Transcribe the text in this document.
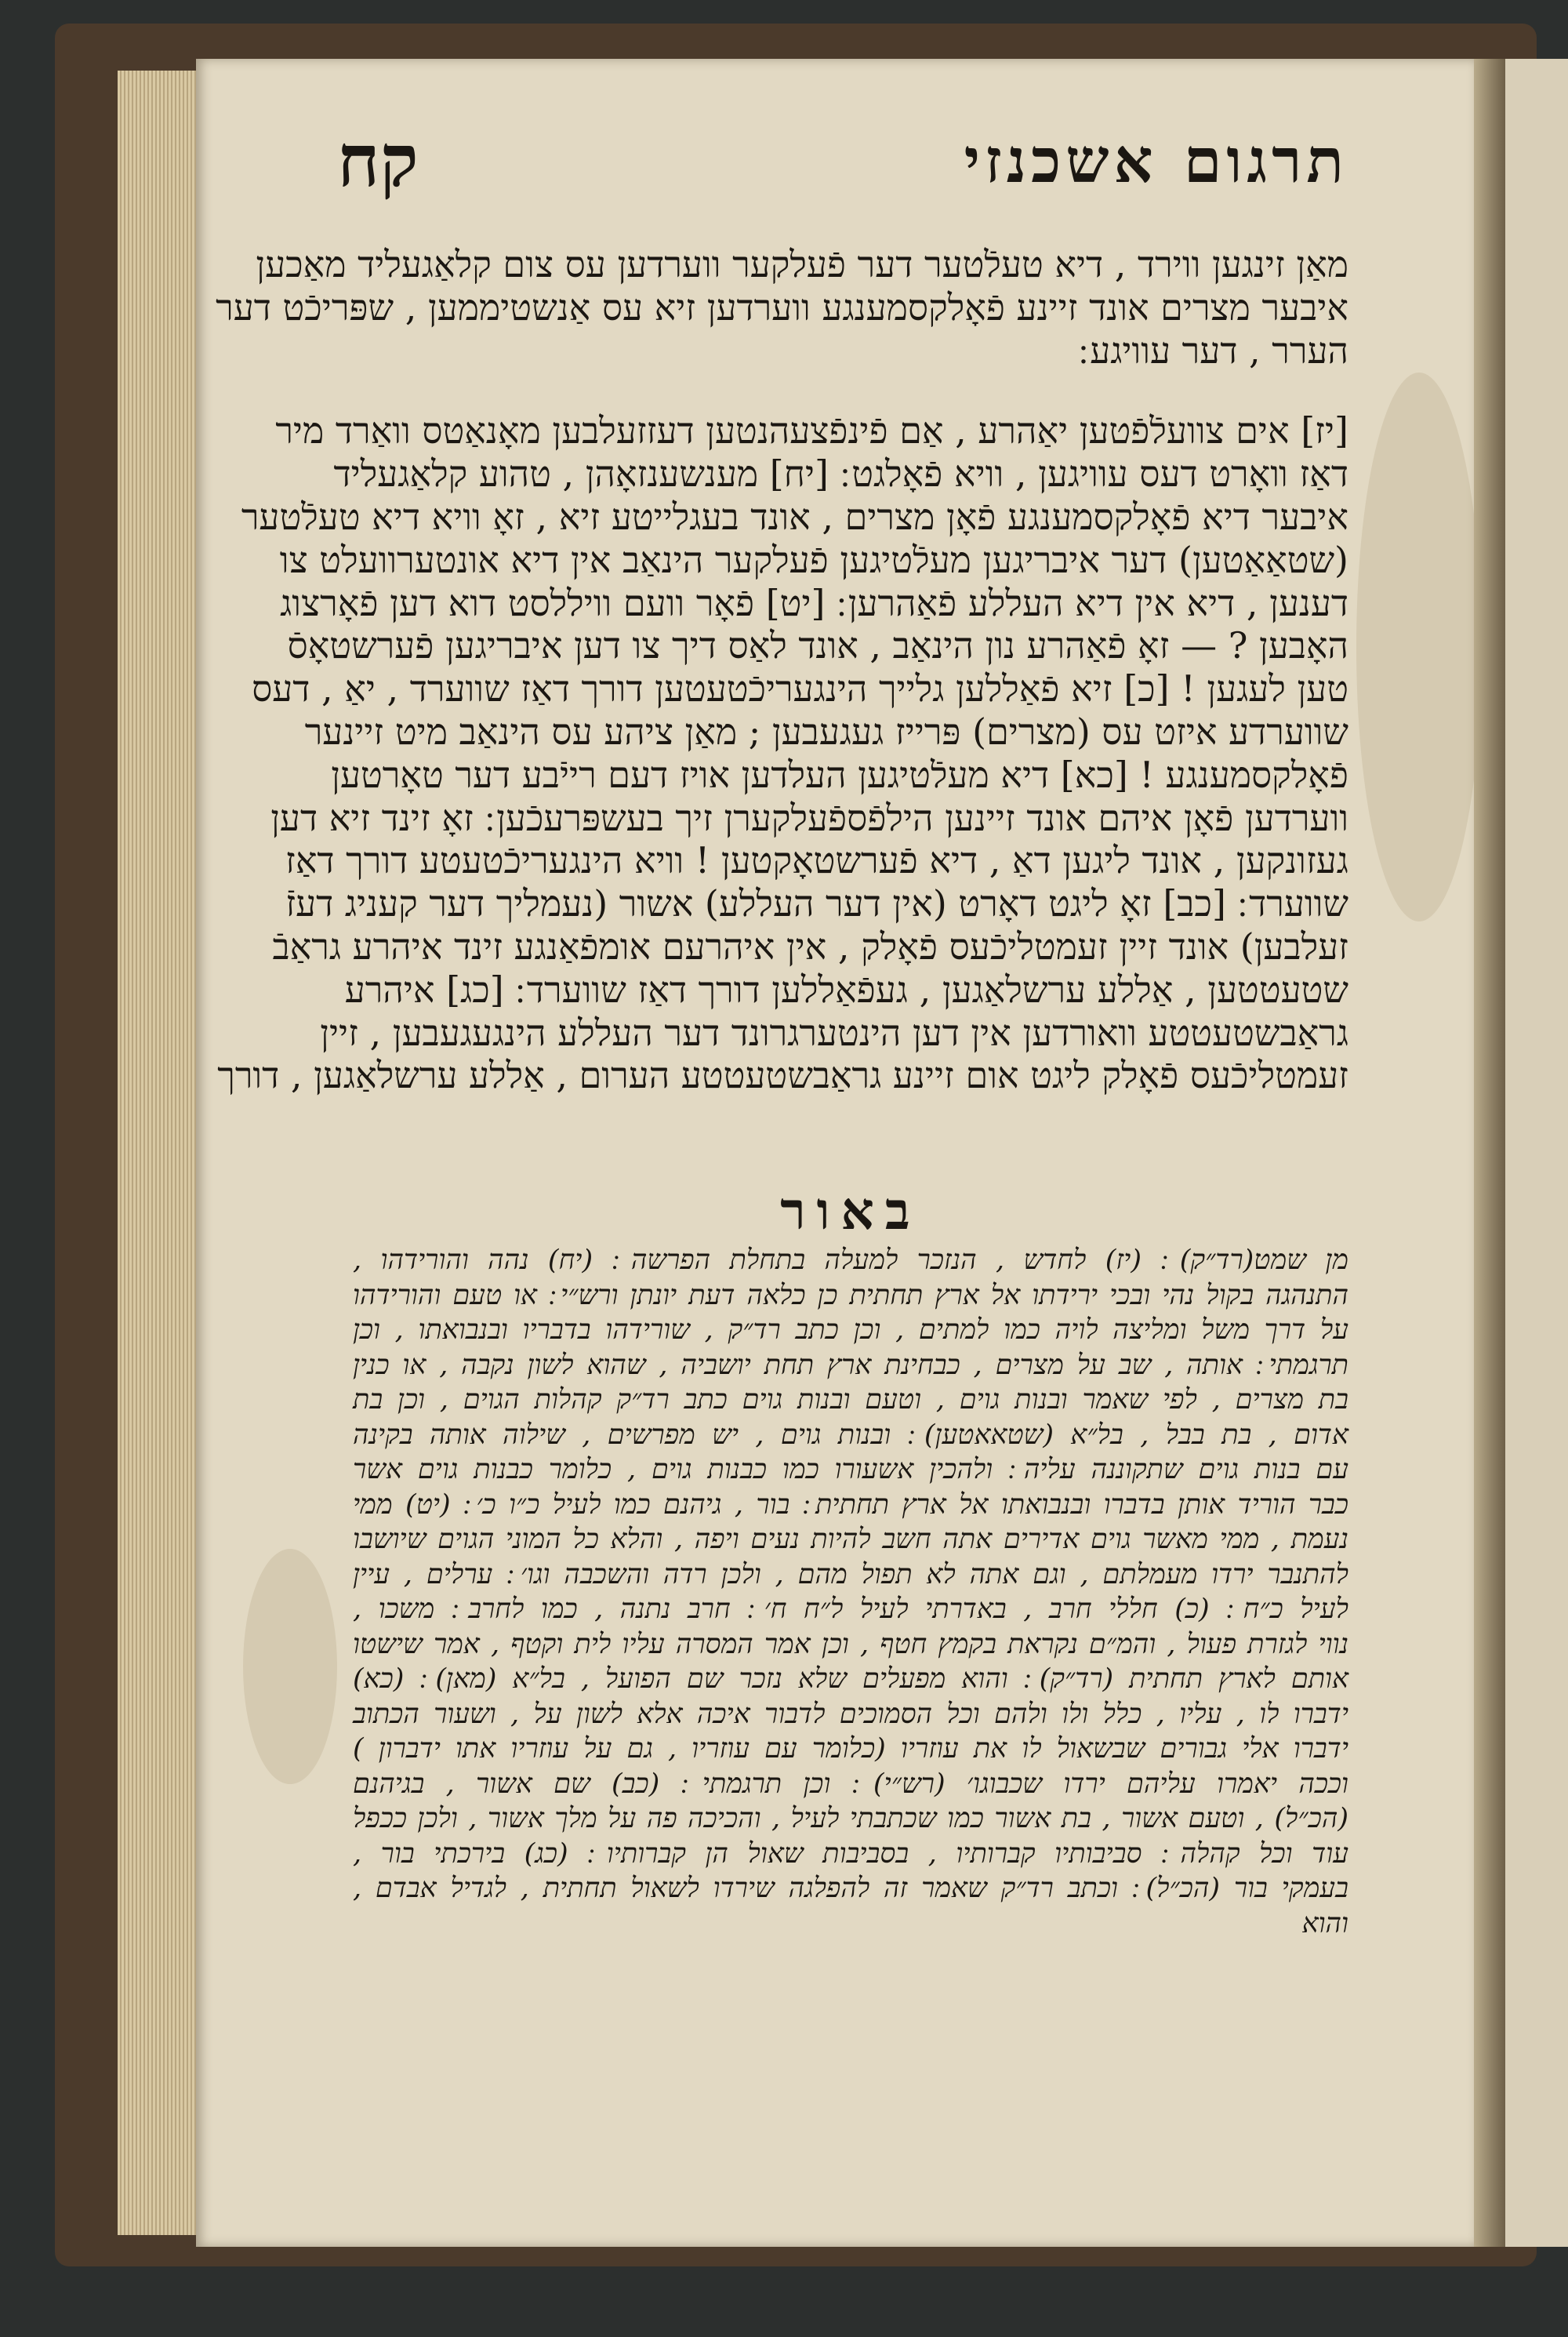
תרגום אשכנזי
קח
מאַן זינגען ווירד , דיא טעלֿטער דער פֿעלקער ווערדען עס צום קלאַגעליד מאַכען
איבער מצרים אונד זיינע פֿאָלקסמענגע ווערדען זיא עס אַנשטיממען , שפּריכֿט דער
הערר , דער עוויגע ׃
[יז] אים צוועלֿפֿטען יאַהרע , אַם פֿינפֿצעהנטען דעזזעלבען מאָנאַטס וואַרד מיר
דאַז װאָרט דעס עוויגען , וויא פֿאָלגט ׃ [יח] מענשענזאָהן , טהוע קלאַגעליד
איבער דיא פֿאָלקסמענגע פֿאָן מצרים , אונד בעגלייטע זיא , זאָ וויא דיא טעלֿטער
(שטאַאַטען) דער איבריגען מעלֿטיגען פֿעלקער הינאַב אין דיא אונטערוועלט צו
דענען , דיא אין דיא העללע פֿאַהרען ׃ [יט] פֿאָר וועם וויללסט דוא דען פֿאָרצוג
האָבען ? — זאָ פֿאַהרע נון הינאַב , אונד לאַס דיך צו דען איבריגען פֿערשטאָסֿ
טען לעגען ! [כ] זיא פֿאַללען גלייך הינגעריכֿטעטען דורך דאַז שווערד , יאַ , דעס
שווערדע איזט עס (מצרים) פּרייז געגעבען ; מאַן ציהע עס הינאַב מיט זיינער
פֿאָלקסמענגע ! [כא] דיא מעלֿטיגען העלדען אויז דעם רייֿבע דער טאָרטען
ווערדען פֿאָן איהם אונד זיינען הילפֿספֿעלקערן זיך בעשפּרעכֿען ׃ זאָ זינד זיא דען
געזונקען , אונד ליגען דאַ , דיא פֿערשטאָקטען ! וויא הינגעריכֿטעטע דורך דאַז
שווערד ׃ [כב] זאָ ליגט דאָרט (אין דער העללע) אשור (נעמליך דער קעניג דעזֿ
זעלבען) אונד זיין זעמטליכֿעס פֿאָלק , אין איהרעם אומפֿאַנגע זינד איהרע גראַבֿ
שטעטטען , אַללע ערשלאַגען , געפֿאַללען דורך דאַז שווערד ׃ [כג] איהרע
גראַבשטעטטע וואורדען אין דען הינטערגרונד דער העללע הינגעגעבען , זיין
זעמטליכֿעס פֿאָלק ליגט אום זיינע גראַבשטעטטע הערום , אַללע ערשלאַגען , דורך
באור
מן שמט(רד״ק) ׃ (יז) לחדש , הנזכר למעלה בתחלת הפרשה ׃ (יח) נהה והורידהו ,
התנהגה בקול נהי ובכי ירידתו אל ארץ תחתית כן כלאה דעת יונתן ורש״י ׃ או טעם והורידהו
על דרך משל ומליצה לויה כמו למתים , וכן כתב רד״ק , שורידהו בדבריו ובנבואתו , וכן
תרגמתי ׃ אותה , שב על מצרים , כבחינת ארץ תחת יושביה , שהוא לשון נקבה , או כנין
בת מצרים , לפי שאמר ובנות גוים , וטעם ובנות גוים כתב רד״ק קהלות הגוים , וכן בת
אדום , בת בבל , בל״א (שטאאטען) ׃ ובנות גוים , יש מפרשים , שילוה אותה בקינה
עם בנות גוים שתקוננה עליה ׃ ולהכין אשעורו כמו כבנות גוים , כלומר כבנות גוים אשר
כבר הוריד אותן בדברו ובנבואתו אל ארץ תחתית ׃ בור , גיהנם כמו לעיל כ״ו כ׳ ׃ (יט) ממי
נעמת , ממי מאשר גוים אדירים אתה חשב להיות נעים ויפה , והלא כל המוני הגוים שיושבו
להתנבר ירדו מעמלתם , וגם אתה לא תפול מהם , ולכן רדה והשכבה וגו׳ ׃ ערלים , עיין
לעיל כ״ח ׃ (כ) חללי חרב , באדרתי לעיל ל״ח ח׳ ׃ חרב נתנה , כמו לחרב ׃ משכו ,
נווי לגזרת פעול , והמ״ם נקראת בקמץ חטף , וכן אמר המסרה עליו לית וקטף , אמר שישטו
אותם לארץ תחתית (רד״ק) ׃ והוא מפעלים שלא נזכר שם הפועל , בל״א (מאן) ׃ (כא)
ידברו לו , עליו , כלל ולו ולהם וכל הסמוכים לדבור איכה אלא לשון על , ושעור הכתוב
ידברו אלי גבורים שבשאול לו את עוזריו (כלומר עם עוזריו , גם על עוזריו אתו ידברון )
וככה יאמרו עליהם ירדו שכבוגו׳ (רש״י) ׃ וכן תרגמתי ׃ (כב) שם אשור , בגיהנם
(הכ״ל) , וטעם אשור , בת אשור כמו שכתבתי לעיל , והכיכה פה על מלך אשור , ולכן ככפל
עוד וכל קהלה ׃ סביבותיו קברותיו , בסביבות שאול הן קברותיו ׃ (כג) בירכתי בור ,
בעמקי בור (הכ״ל) ׃ וכתב רד״ק שאמר זה להפלגה שירדו לשאול תחתית , לגדיל אבדם ,
והוא
